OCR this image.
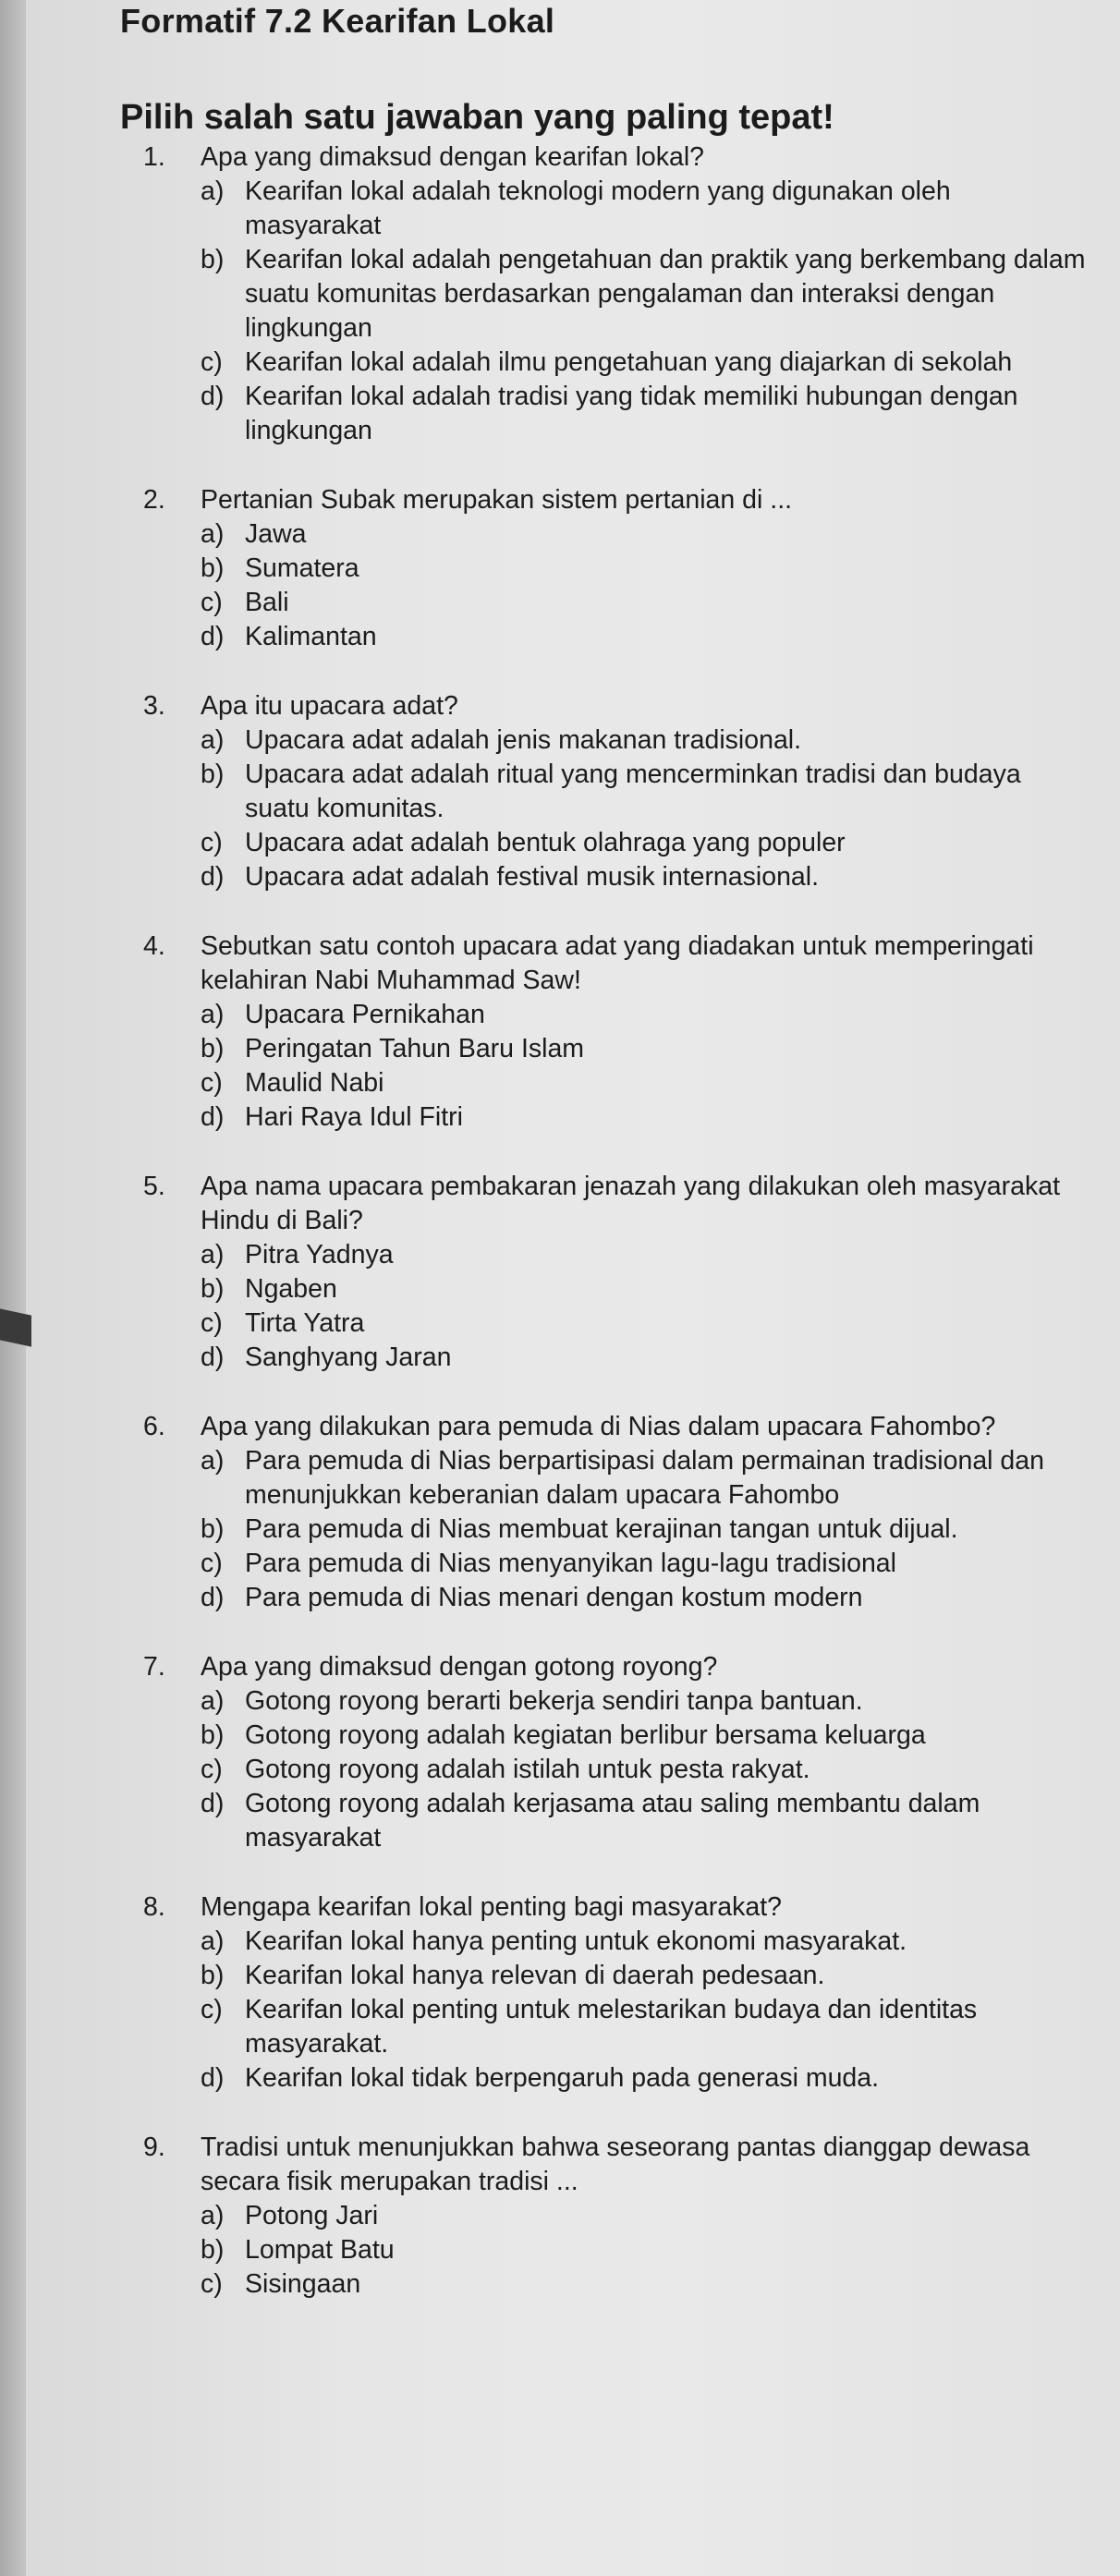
Formatif 7.2 Kearifan Lokal
Pilih salah satu jawaban yang paling tepat!
1.	Apa yang dimaksud dengan kearifan lokal?
a) Kearifan lokal adalah teknologi modern yang digunakan oleh masyarakat
b) Kearifan lokal adalah pengetahuan dan praktik yang berkembang dalam suatu komunitas berdasarkan pengalaman dan interaksi dengan lingkungan
c) Kearifan lokal adalah ilmu pengetahuan yang diajarkan di sekolah
d) Kearifan lokal adalah tradisi yang tidak memiliki hubungan dengan lingkungan
2.	Pertanian Subak merupakan sistem pertanian di ...
a) Jawa
b) Sumatera
c) Bali
d) Kalimantan
3.	Apa itu upacara adat?
a) Upacara adat adalah jenis makanan tradisional.
b) Upacara adat adalah ritual yang mencerminkan tradisi dan budaya suatu komunitas.
c) Upacara adat adalah bentuk olahraga yang populer
d) Upacara adat adalah festival musik internasional.
4.	Sebutkan satu contoh upacara adat yang diadakan untuk memperingati kelahiran Nabi Muhammad Saw!
a) Upacara Pernikahan
b) Peringatan Tahun Baru Islam
c) Maulid Nabi
d) Hari Raya Idul Fitri
5.	Apa nama upacara pembakaran jenazah yang dilakukan oleh masyarakat Hindu di Bali?
a) Pitra Yadnya
b) Ngaben
c) Tirta Yatra
d) Sanghyang Jaran
6.	Apa yang dilakukan para pemuda di Nias dalam upacara Fahombo?
a) Para pemuda di Nias berpartisipasi dalam permainan tradisional dan menunjukkan keberanian dalam upacara Fahombo
b) Para pemuda di Nias membuat kerajinan tangan untuk dijual.
c) Para pemuda di Nias menyanyikan lagu-lagu tradisional
d) Para pemuda di Nias menari dengan kostum modern
7.	Apa yang dimaksud dengan gotong royong?
a) Gotong royong berarti bekerja sendiri tanpa bantuan.
b) Gotong royong adalah kegiatan berlibur bersama keluarga
c) Gotong royong adalah istilah untuk pesta rakyat.
d) Gotong royong adalah kerjasama atau saling membantu dalam masyarakat
8.	Mengapa kearifan lokal penting bagi masyarakat?
a) Kearifan lokal hanya penting untuk ekonomi masyarakat.
b) Kearifan lokal hanya relevan di daerah pedesaan.
c) Kearifan lokal penting untuk melestarikan budaya dan identitas masyarakat.
d) Kearifan lokal tidak berpengaruh pada generasi muda.
9.	Tradisi untuk menunjukkan bahwa seseorang pantas dianggap dewasa secara fisik merupakan tradisi ...
a) Potong Jari
b) Lompat Batu
c) Sisingaan
